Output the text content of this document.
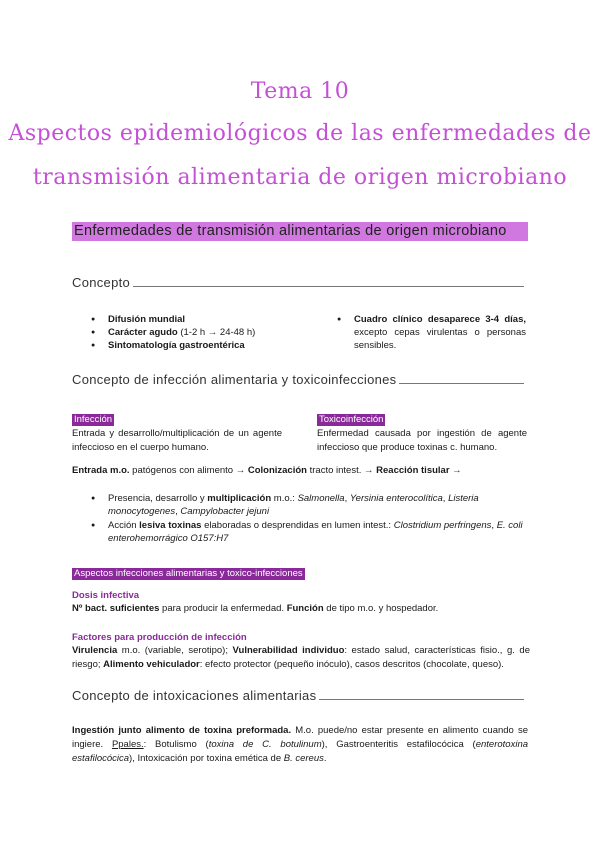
Tema 10
Aspectos epidemiológicos de las enfermedades de
transmisión alimentaria de origen microbiano
Enfermedades de transmisión alimentarias de origen microbiano
Concepto
● Difusión mundial
● Carácter agudo (1-2 h → 24-48 h)
● Sintomatología gastroentérica
● Cuadro clínico desaparece 3-4 días, excepto cepas virulentas o personas sensibles.
Concepto de infección alimentaria y toxicoinfecciones
Infección
Entrada y desarrollo/multiplicación de un agente infeccioso en el cuerpo humano.
Toxicoinfección
Enfermedad causada por ingestión de agente infeccioso que produce toxinas c. humano.
Entrada m.o. patógenos con alimento → Colonización tracto intest. → Reacción tisular →
● Presencia, desarrollo y multiplicación m.o.: Salmonella, Yersinia enterocolítica, Listeria monocytogenes, Campylobacter jejuni
● Acción lesiva toxinas elaboradas o desprendidas en lumen intest.: Clostridium perfringens, E. coli enterohemorrágico O157:H7
Aspectos infecciones alimentarias y toxico-infecciones
Dosis infectiva
Nº bact. suficientes para producir la enfermedad. Función de tipo m.o. y hospedador.
Factores para producción de infección
Virulencia m.o. (variable, serotipo); Vulnerabilidad individuo: estado salud, características fisio., g. de riesgo; Alimento vehiculador: efecto protector (pequeño inóculo), casos descritos (chocolate, queso).
Concepto de intoxicaciones alimentarias
Ingestión junto alimento de toxina preformada. M.o. puede/no estar presente en alimento cuando se ingiere. Ppales.: Botulismo (toxina de C. botulinum), Gastroenteritis estafilocócica (enterotoxina estafilocócica), Intoxicación por toxina emética de B. cereus.
